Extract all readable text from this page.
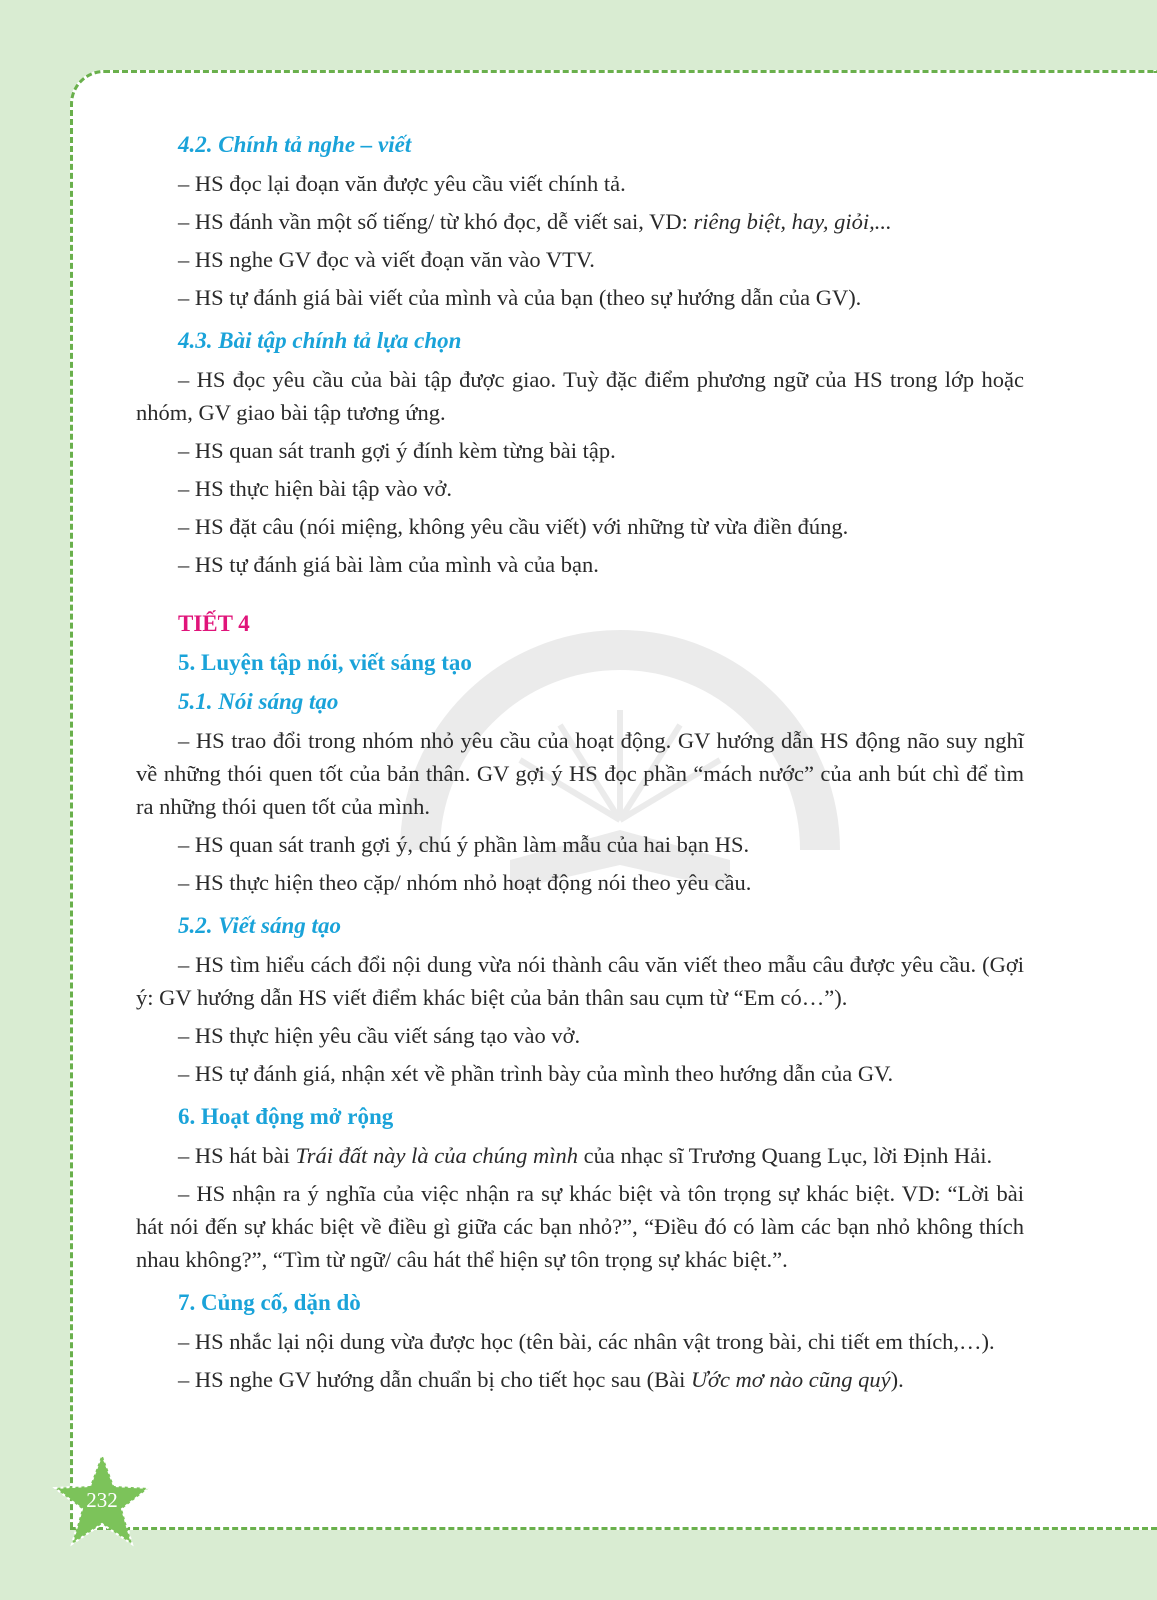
4.2. Chính tả nghe – viết

– HS đọc lại đoạn văn được yêu cầu viết chính tả.

– HS đánh vần một số tiếng/ từ khó đọc, dễ viết sai, VD: riêng biệt, hay, giỏi,...

– HS nghe GV đọc và viết đoạn văn vào VTV.

– HS tự đánh giá bài viết của mình và của bạn (theo sự hướng dẫn của GV).

4.3. Bài tập chính tả lựa chọn

– HS đọc yêu cầu của bài tập được giao. Tuỳ đặc điểm phương ngữ của HS trong lớp hoặc nhóm, GV giao bài tập tương ứng.

– HS quan sát tranh gợi ý đính kèm từng bài tập.

– HS thực hiện bài tập vào vở.

– HS đặt câu (nói miệng, không yêu cầu viết) với những từ vừa điền đúng.

– HS tự đánh giá bài làm của mình và của bạn.

TIẾT 4

5. Luyện tập nói, viết sáng tạo

5.1. Nói sáng tạo

– HS trao đổi trong nhóm nhỏ yêu cầu của hoạt động. GV hướng dẫn HS động não suy nghĩ về những thói quen tốt của bản thân. GV gợi ý HS đọc phần “mách nước” của anh bút chì để tìm ra những thói quen tốt của mình.

– HS quan sát tranh gợi ý, chú ý phần làm mẫu của hai bạn HS.

– HS thực hiện theo cặp/ nhóm nhỏ hoạt động nói theo yêu cầu.

5.2. Viết sáng tạo

– HS tìm hiểu cách đổi nội dung vừa nói thành câu văn viết theo mẫu câu được yêu cầu. (Gợi ý: GV hướng dẫn HS viết điểm khác biệt của bản thân sau cụm từ “Em có…”).

– HS thực hiện yêu cầu viết sáng tạo vào vở.

– HS tự đánh giá, nhận xét về phần trình bày của mình theo hướng dẫn của GV.

6. Hoạt động mở rộng

– HS hát bài Trái đất này là của chúng mình của nhạc sĩ Trương Quang Lục, lời Định Hải.

– HS nhận ra ý nghĩa của việc nhận ra sự khác biệt và tôn trọng sự khác biệt. VD: “Lời bài hát nói đến sự khác biệt về điều gì giữa các bạn nhỏ?”, “Điều đó có làm các bạn nhỏ không thích nhau không?”, “Tìm từ ngữ/ câu hát thể hiện sự tôn trọng sự khác biệt.”.

7. Củng cố, dặn dò

– HS nhắc lại nội dung vừa được học (tên bài, các nhân vật trong bài, chi tiết em thích,…).

– HS nghe GV hướng dẫn chuẩn bị cho tiết học sau (Bài Ước mơ nào cũng quý).

232
